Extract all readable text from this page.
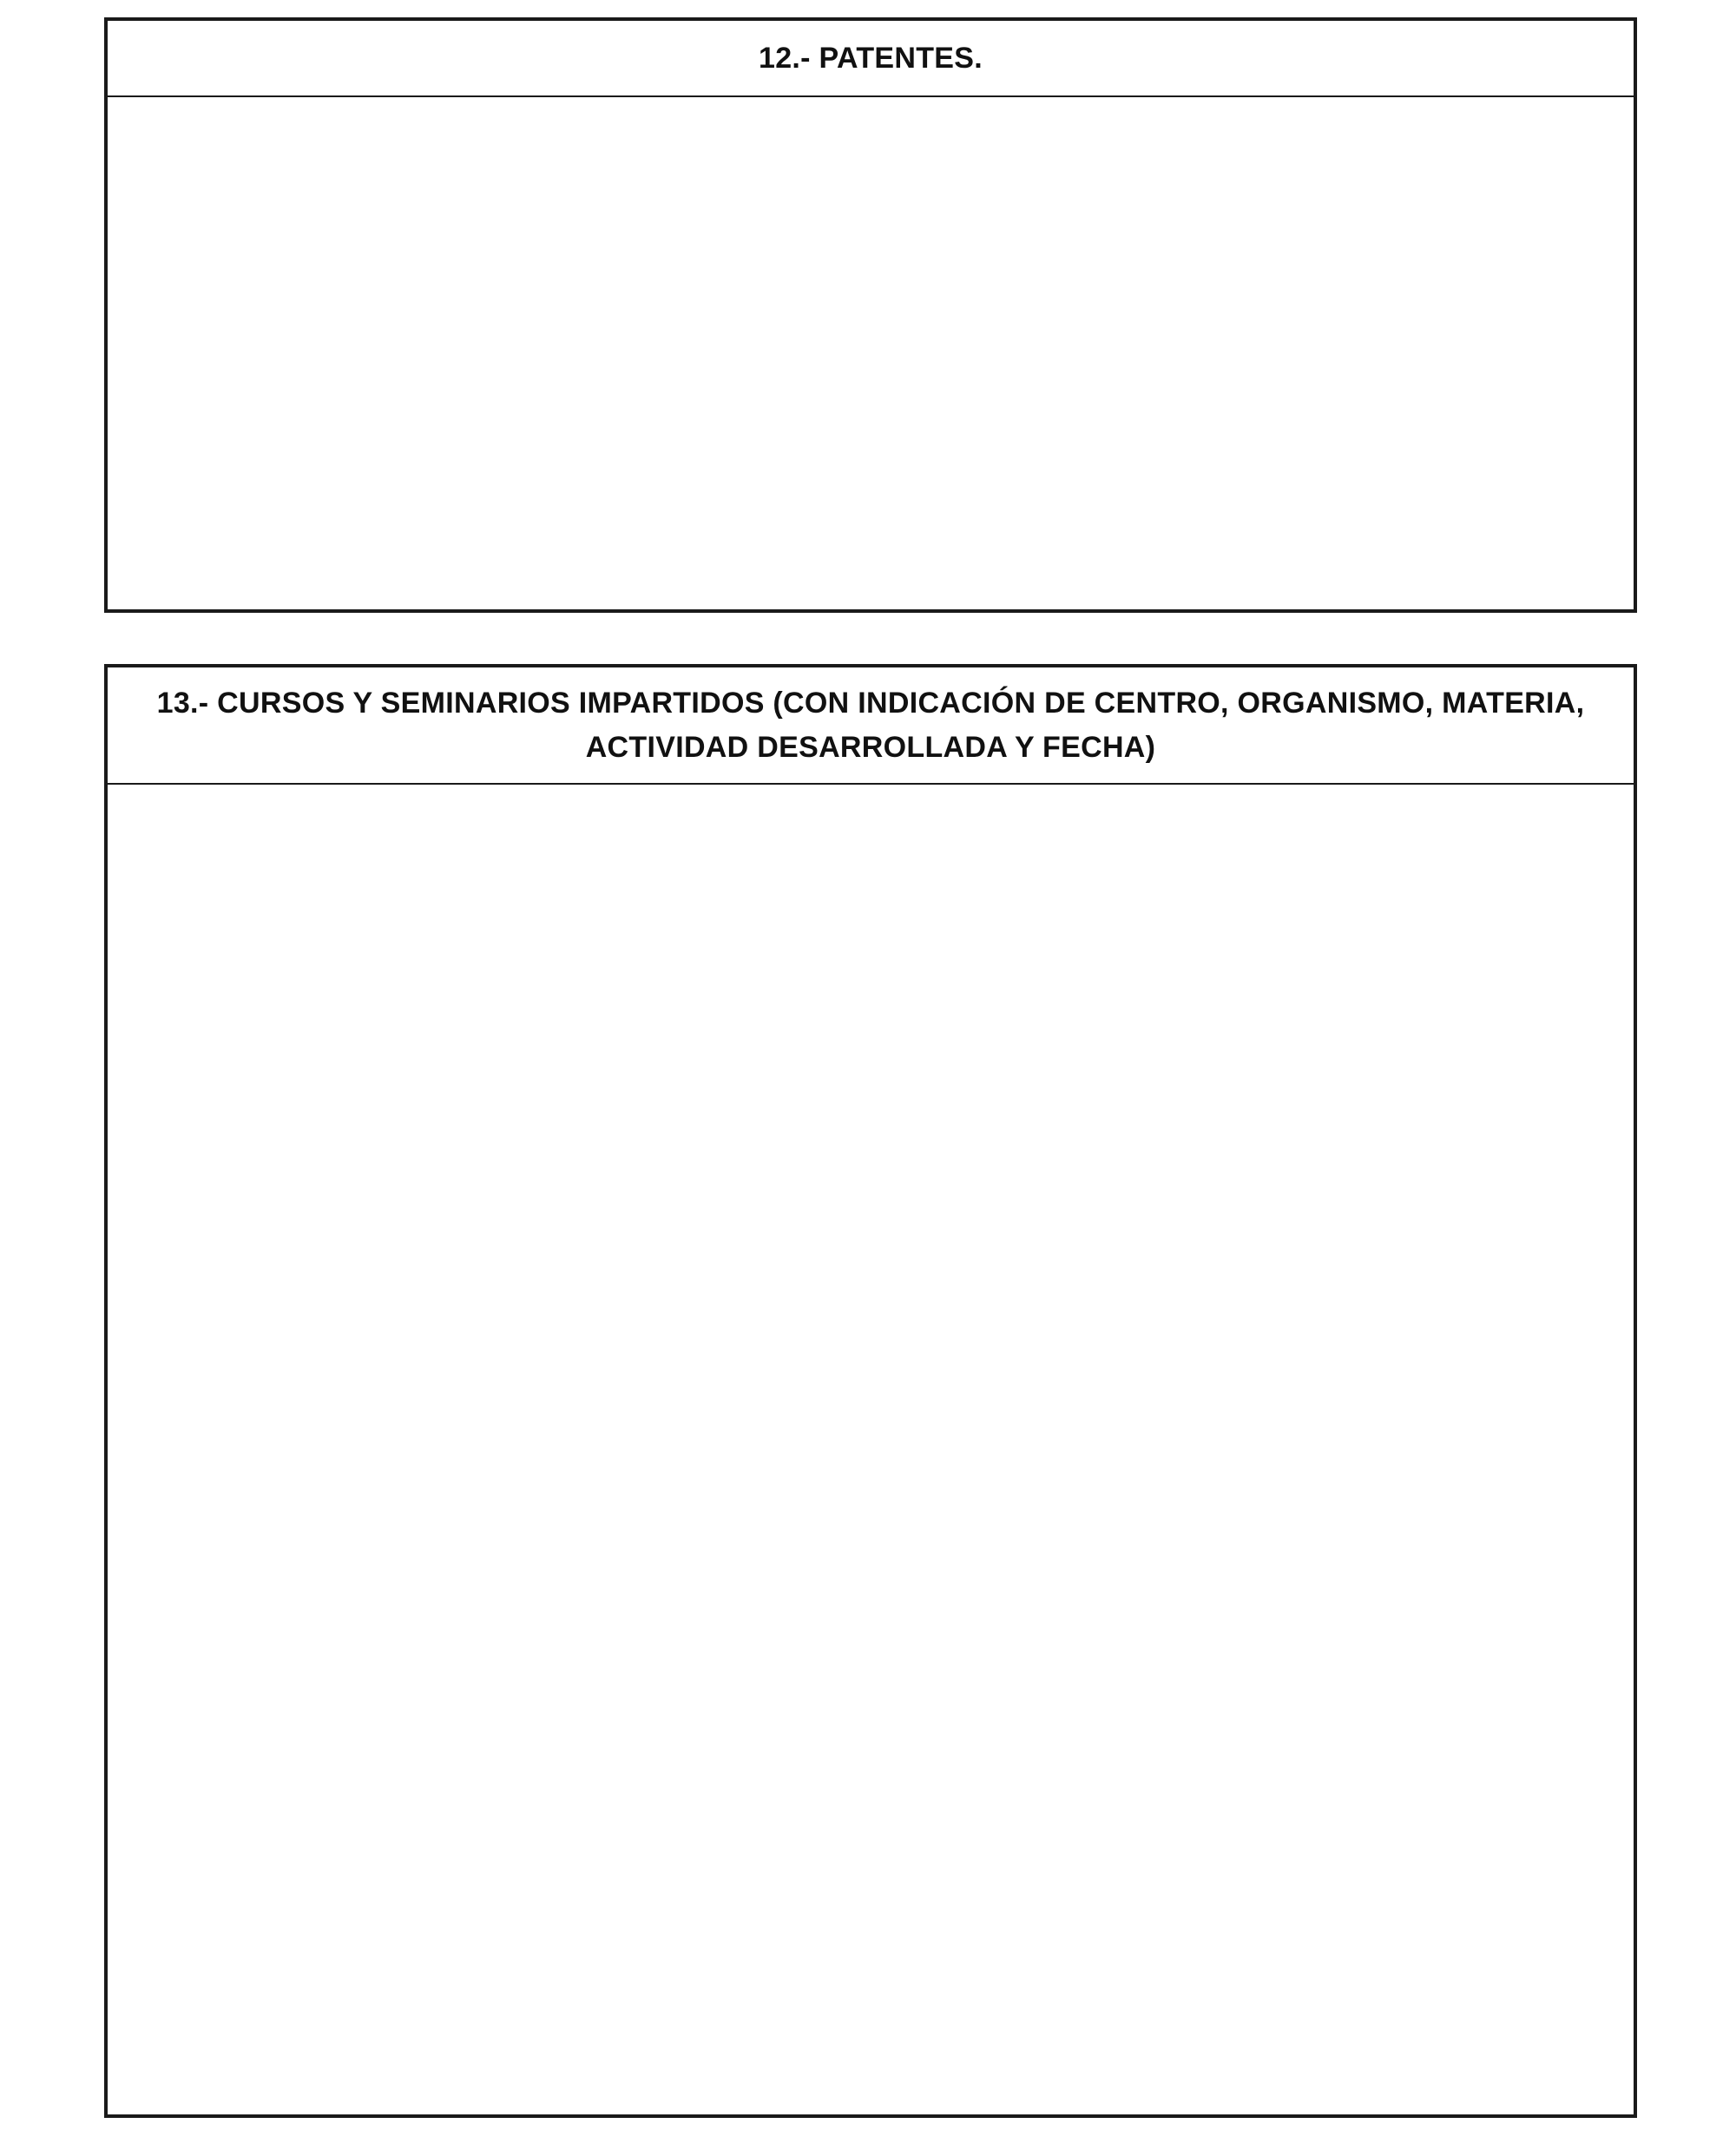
12.- PATENTES.
13.- CURSOS Y SEMINARIOS IMPARTIDOS (CON INDICACIÓN DE CENTRO, ORGANISMO, MATERIA,
ACTIVIDAD DESARROLLADA Y FECHA)
